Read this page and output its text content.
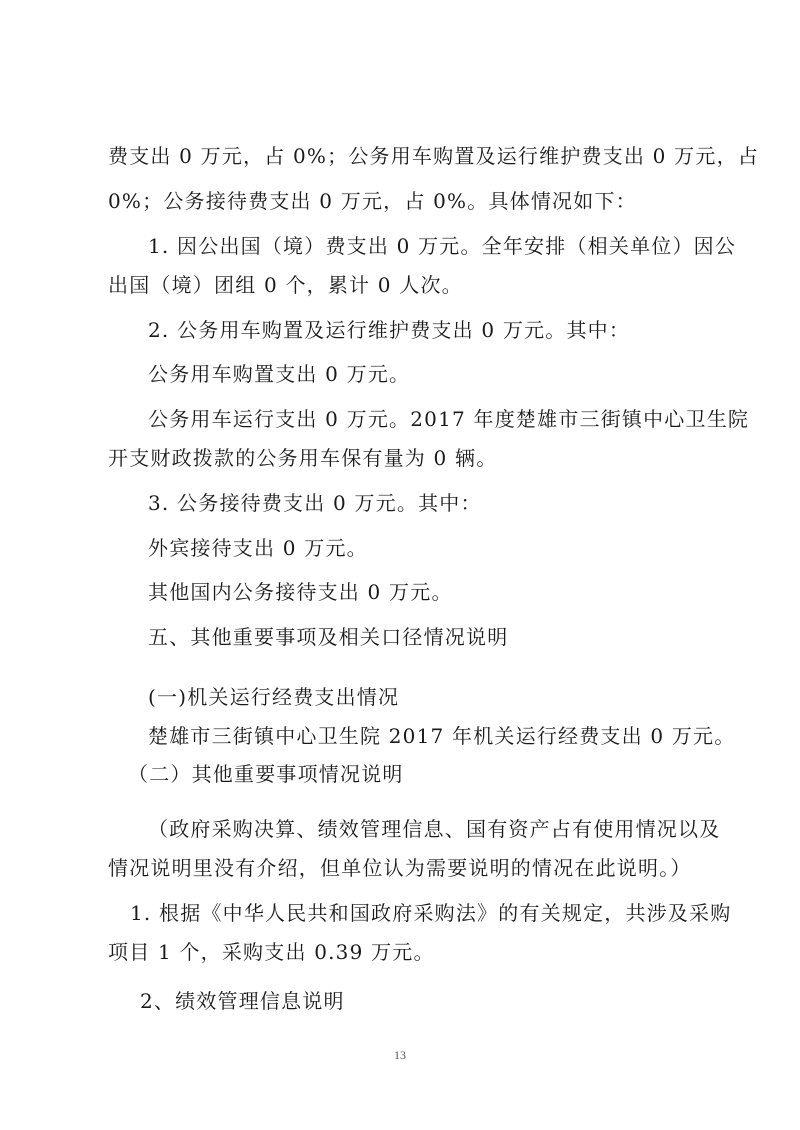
费支出 0 万元，占 0%；公务用车购置及运行维护费支出 0 万元，占
0%；公务接待费支出 0 万元，占 0%。具体情况如下：
1. 因公出国（境）费支出 0 万元。全年安排（相关单位）因公
出国（境）团组 0 个，累计 0 人次。
2. 公务用车购置及运行维护费支出 0 万元。其中：
公务用车购置支出 0 万元。
公务用车运行支出 0 万元。2017 年度楚雄市三街镇中心卫生院
开支财政拨款的公务用车保有量为 0 辆。
3. 公务接待费支出 0 万元。其中：
外宾接待支出 0 万元。
其他国内公务接待支出 0 万元。
五、其他重要事项及相关口径情况说明
(一)机关运行经费支出情况
楚雄市三街镇中心卫生院 2017 年机关运行经费支出 0 万元。
（二）其他重要事项情况说明
（政府采购决算、绩效管理信息、国有资产占有使用情况以及
情况说明里没有介绍，但单位认为需要说明的情况在此说明。）
1. 根据《中华人民共和国政府采购法》的有关规定，共涉及采购
项目 1 个，采购支出 0.39 万元。
2、绩效管理信息说明
13
